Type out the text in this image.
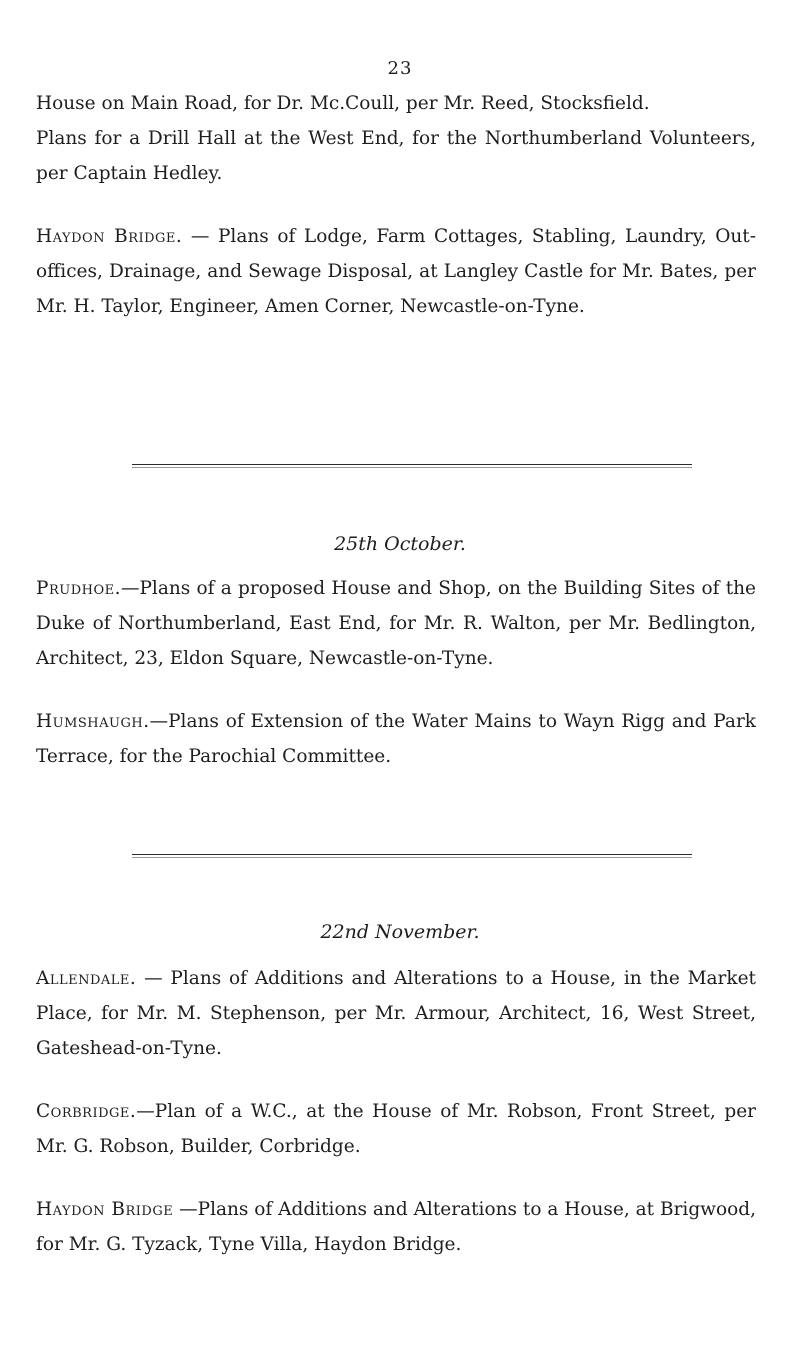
23

House on Main Road, for Dr. Mc.Coull, per Mr. Reed, Stocksfield.

Plans for a Drill Hall at the West End, for the Northumberland Volunteers, per Captain Hedley.

Haydon Bridge. — Plans of Lodge, Farm Cottages, Stabling, Laundry, Out-offices, Drainage, and Sewage Disposal, at Langley Castle for Mr. Bates, per Mr. H. Taylor, Engineer, Amen Corner, Newcastle-on-Tyne.

25th October.

Prudhoe.—Plans of a proposed House and Shop, on the Building Sites of the Duke of Northumberland, East End, for Mr. R. Walton, per Mr. Bedlington, Architect, 23, Eldon Square, Newcastle-on-Tyne.

Humshaugh.—Plans of Extension of the Water Mains to Wayn Rigg and Park Terrace, for the Parochial Committee.

22nd November.

Allendale. — Plans of Additions and Alterations to a House, in the Market Place, for Mr. M. Stephenson, per Mr. Armour, Architect, 16, West Street, Gateshead-on-Tyne.

Corbridge.—Plan of a W.C., at the House of Mr. Robson, Front Street, per Mr. G. Robson, Builder, Corbridge.

Haydon Bridge —Plans of Additions and Alterations to a House, at Brigwood, for Mr. G. Tyzack, Tyne Villa, Haydon Bridge.
